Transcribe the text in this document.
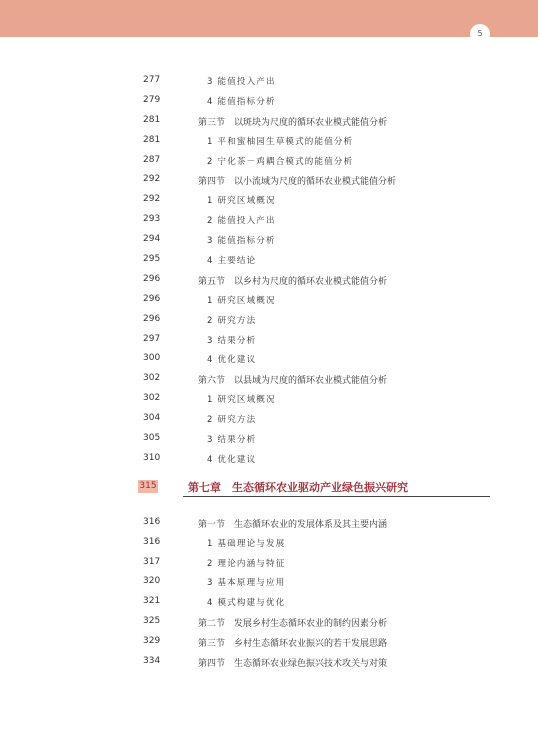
5
277	3 能值投入产出
279	4 能值指标分析
281	第三节　以斑块为尺度的循环农业模式能值分析
281	1 平和蜜柚园生草模式的能值分析
287	2 宁化茶－鸡耦合模式的能值分析
292	第四节　以小流域为尺度的循环农业模式能值分析
292	1 研究区域概况
293	2 能值投入产出
294	3 能值指标分析
295	4 主要结论
296	第五节　以乡村为尺度的循环农业模式能值分析
296	1 研究区域概况
296	2 研究方法
297	3 结果分析
300	4 优化建议
302	第六节　以县域为尺度的循环农业模式能值分析
302	1 研究区域概况
304	2 研究方法
305	3 结果分析
310	4 优化建议
315	第七章　生态循环农业驱动产业绿色振兴研究
316	第一节　生态循环农业的发展体系及其主要内涵
316	1 基础理论与发展
317	2 理论内涵与特征
320	3 基本原理与应用
321	4 模式构建与优化
325	第二节　发展乡村生态循环农业的制约因素分析
329	第三节　乡村生态循环农业振兴的若干发展思路
334	第四节　生态循环农业绿色振兴技术攻关与对策
